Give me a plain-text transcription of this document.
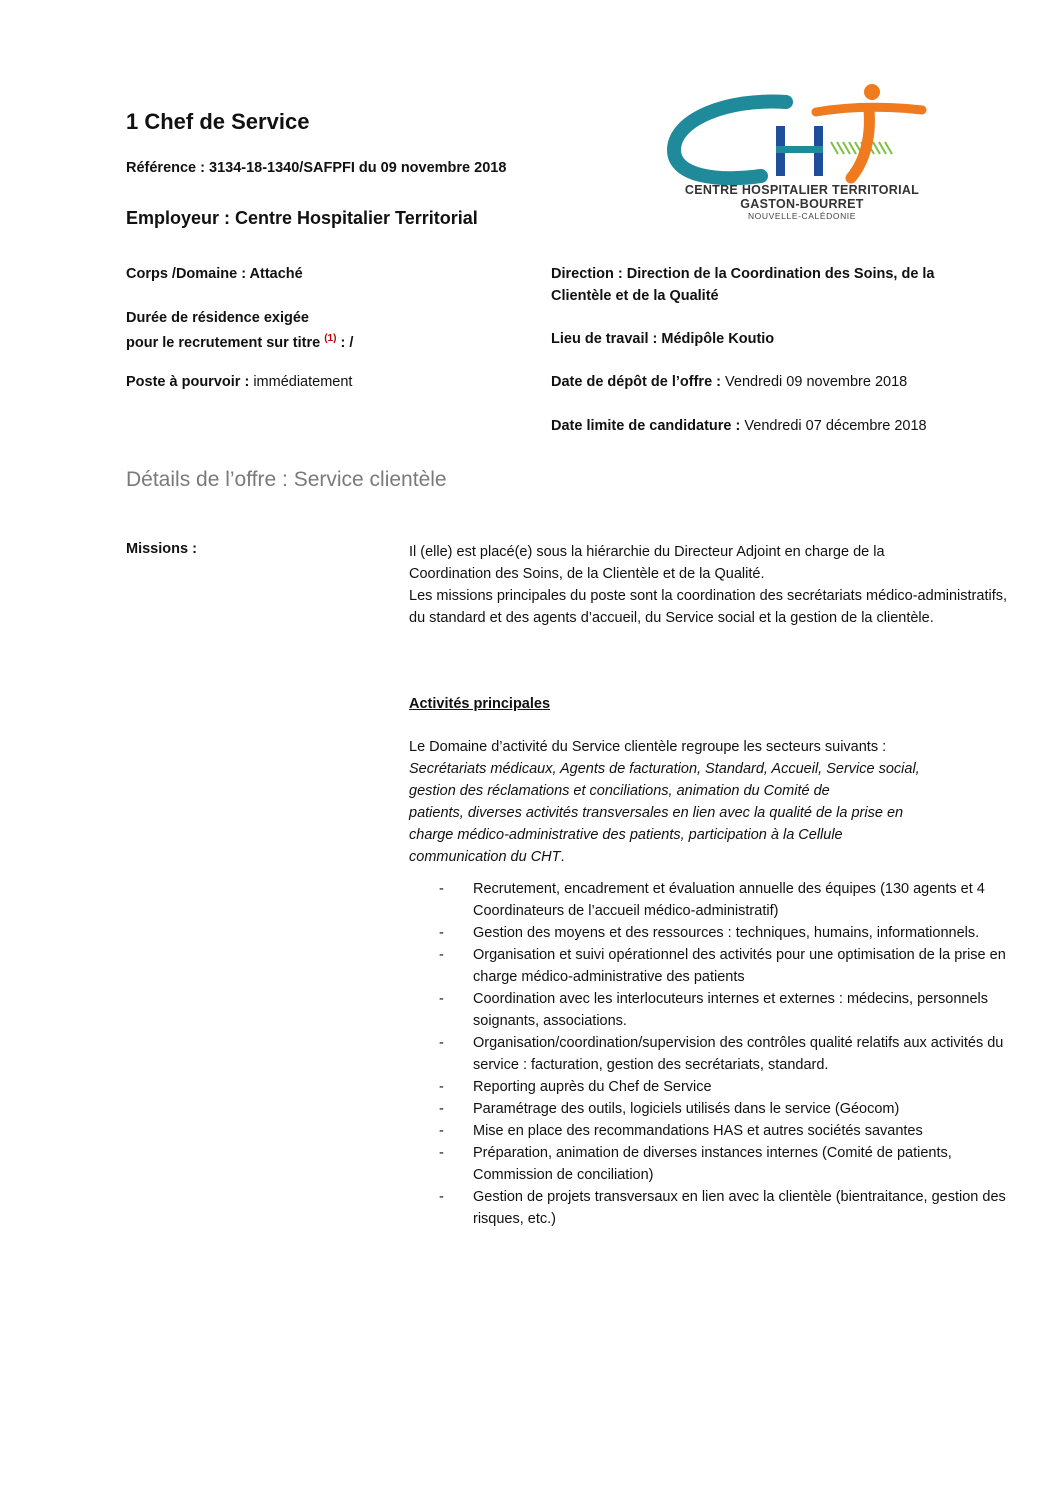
1 Chef de Service
Référence : 3134-18-1340/SAFPFI du 09 novembre 2018
Employeur : Centre Hospitalier Territorial
CENTRE HOSPITALIER TERRITORIAL
GASTON-BOURRET
NOUVELLE-CALÉDONIE
Corps /Domaine : Attaché
Durée de résidence exigée
pour le recrutement sur titre $^{(1)}$ : /
Poste à pourvoir : immédiatement
Direction : Direction de la Coordination des Soins, de la
Clientèle et de la Qualité
Lieu de travail : Médipôle Koutio
Date de dépôt de l’offre : Vendredi 09 novembre 2018
Date limite de candidature : Vendredi 07 décembre 2018
Détails de l’offre : Service clientèle
Missions :	Il (elle) est placé(e) sous la hiérarchie du Directeur Adjoint en charge de la
Coordination des Soins, de la Clientèle et de la Qualité.
Les missions principales du poste sont la coordination des secrétariats médico-administratifs, du standard et des agents d’accueil, du Service social et la gestion de la clientèle.
Activités principales
Le Domaine d’activité du Service clientèle regroupe les secteurs suivants :
Secrétariats médicaux, Agents de facturation, Standard, Accueil, Service social,
gestion des réclamations et conciliations, animation du Comité de
patients, diverses activités transversales en lien avec la qualité de la prise en
charge médico-administrative des patients, participation à la Cellule
communication du CHT.
- Recrutement, encadrement et évaluation annuelle des équipes (130 agents et 4 Coordinateurs de l’accueil médico-administratif)
- Gestion des moyens et des ressources : techniques, humains, informationnels.
- Organisation et suivi opérationnel des activités pour une optimisation de la prise en charge médico-administrative des patients
- Coordination avec les interlocuteurs internes et externes : médecins, personnels soignants, associations.
- Organisation/coordination/supervision des contrôles qualité relatifs aux activités du service : facturation, gestion des secrétariats, standard.
- Reporting auprès du Chef de Service
- Paramétrage des outils, logiciels utilisés dans le service (Géocom)
- Mise en place des recommandations HAS et autres sociétés savantes
- Préparation, animation de diverses instances internes (Comité de patients, Commission de conciliation)
- Gestion de projets transversaux en lien avec la clientèle (bientraitance, gestion des risques, etc.)
